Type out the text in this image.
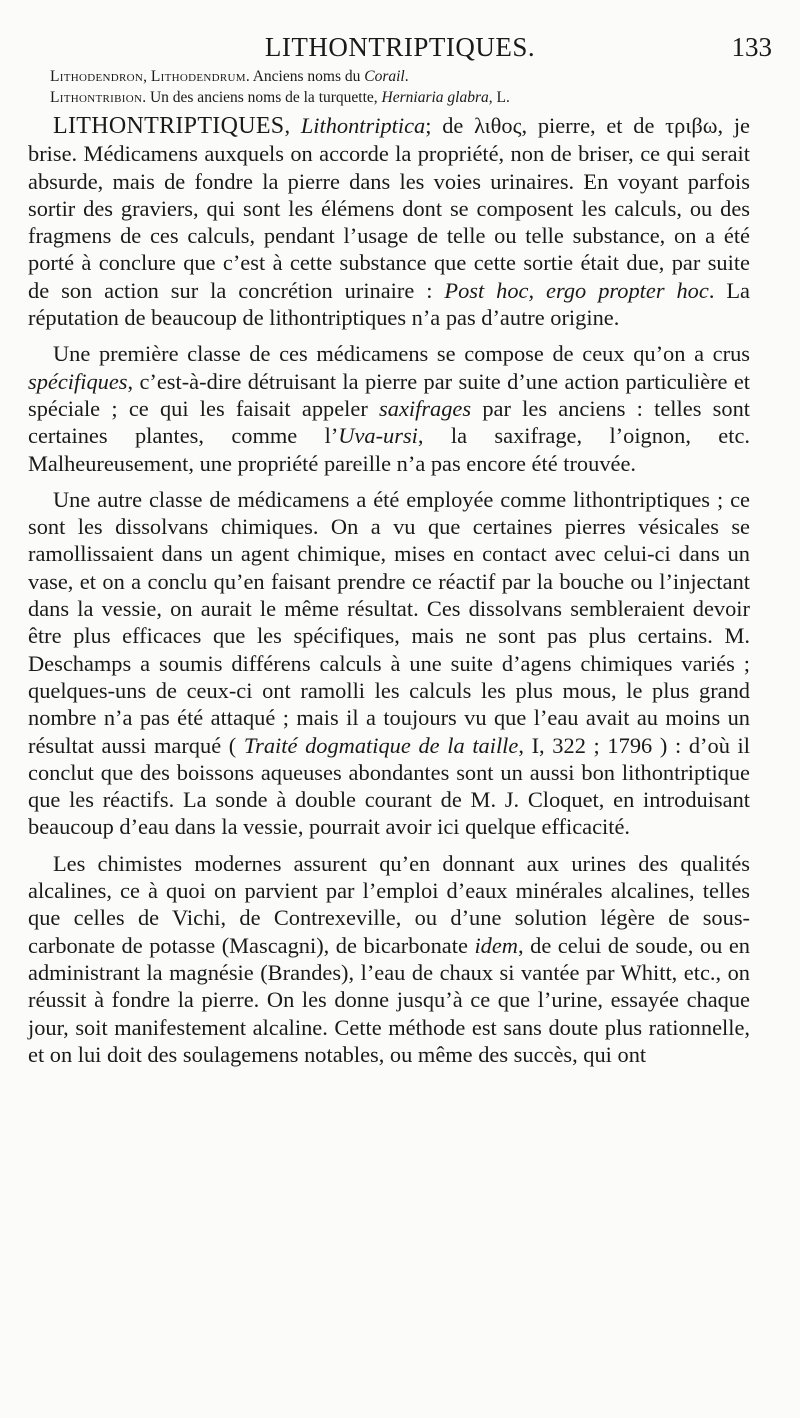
LITHONTRIPTIQUES.	133
Lithodendron, Lithodendrum. Anciens noms du Corail.
Lithontribion. Un des anciens noms de la turquette, Herniaria glabra, L.

LITHONTRIPTIQUES, Lithontriptica; de λιθος, pierre, et de τριβω, je brise. Médicamens auxquels on accorde la propriété, non de briser, ce qui serait absurde, mais de fondre la pierre dans les voies urinaires. En voyant parfois sortir des graviers, qui sont les élémens dont se composent les calculs, ou des fragmens de ces calculs, pendant l’usage de telle ou telle substance, on a été porté à conclure que c’est à cette substance que cette sortie était due, par suite de son action sur la concrétion urinaire : Post hoc, ergo propter hoc. La réputation de beaucoup de lithontriptiques n’a pas d’autre origine.

Une première classe de ces médicamens se compose de ceux qu’on a crus spécifiques, c’est-à-dire détruisant la pierre par suite d’une action particulière et spéciale ; ce qui les faisait appeler saxifrages par les anciens : telles sont certaines plantes, comme l’Uva-ursi, la saxifrage, l’oignon, etc. Malheureusement, une propriété pareille n’a pas encore été trouvée.

Une autre classe de médicamens a été employée comme lithontriptiques ; ce sont les dissolvans chimiques. On a vu que certaines pierres vésicales se ramollissaient dans un agent chimique, mises en contact avec celui-ci dans un vase, et on a conclu qu’en faisant prendre ce réactif par la bouche ou l’injectant dans la vessie, on aurait le même résultat. Ces dissolvans sembleraient devoir être plus efficaces que les spécifiques, mais ne sont pas plus certains. M. Deschamps a soumis différens calculs à une suite d’agens chimiques variés ; quelques-uns de ceux-ci ont ramolli les calculs les plus mous, le plus grand nombre n’a pas été attaqué ; mais il a toujours vu que l’eau avait au moins un résultat aussi marqué ( Traité dogmatique de la taille, I, 322 ; 1796 ) : d’où il conclut que des boissons aqueuses abondantes sont un aussi bon lithontriptique que les réactifs. La sonde à double courant de M. J. Cloquet, en introduisant beaucoup d’eau dans la vessie, pourrait avoir ici quelque efficacité.

Les chimistes modernes assurent qu’en donnant aux urines des qualités alcalines, ce à quoi on parvient par l’emploi d’eaux minérales alcalines, telles que celles de Vichi, de Contrexeville, ou d’une solution légère de sous-carbonate de potasse (Mascagni), de bicarbonate idem, de celui de soude, ou en administrant la magnésie (Brandes), l’eau de chaux si vantée par Whitt, etc., on réussit à fondre la pierre. On les donne jusqu’à ce que l’urine, essayée chaque jour, soit manifestement alcaline. Cette méthode est sans doute plus rationnelle, et on lui doit des soulagemens notables, ou même des succès, qui ont
